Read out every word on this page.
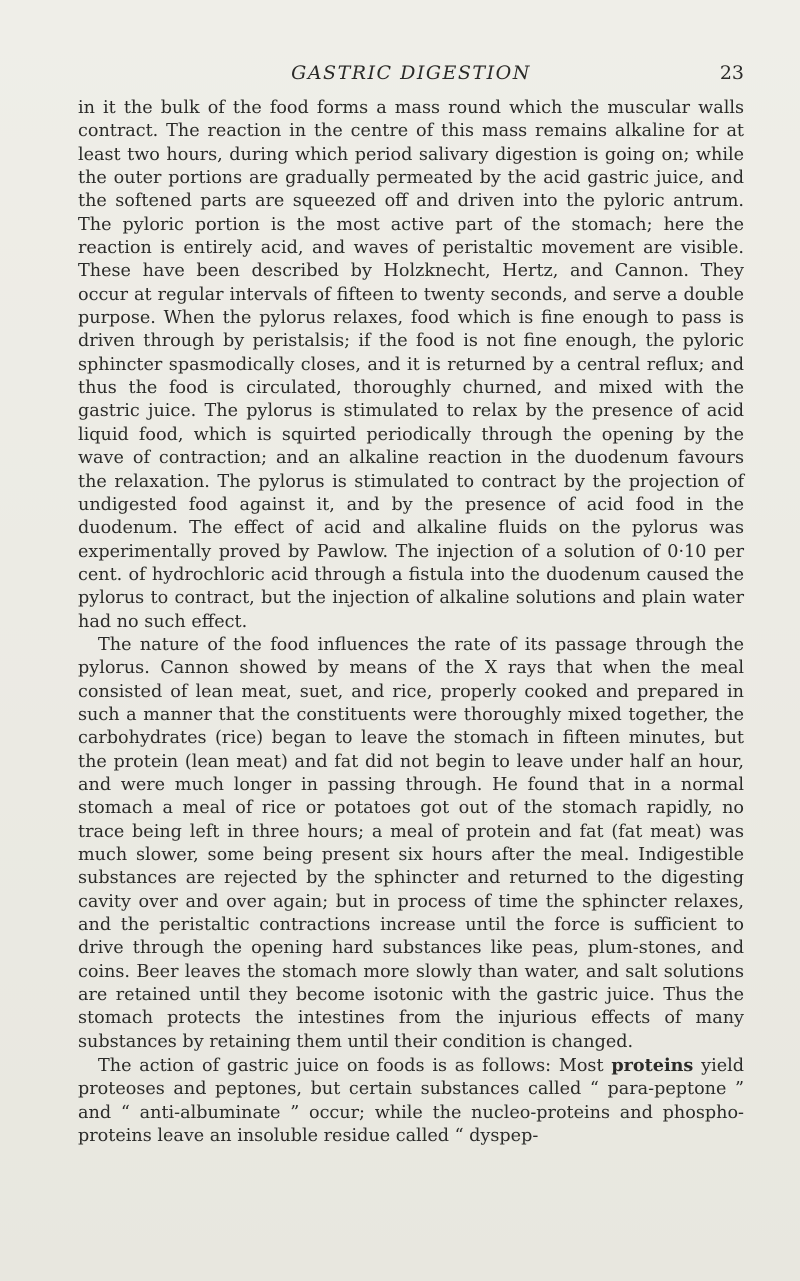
GASTRIC DIGESTION	23

in it the bulk of the food forms a mass round which the muscular walls contract. The reaction in the centre of this mass remains alkaline for at least two hours, during which period salivary digestion is going on; while the outer portions are gradually permeated by the acid gastric juice, and the softened parts are squeezed off and driven into the pyloric antrum. The pyloric portion is the most active part of the stomach; here the reaction is entirely acid, and waves of peristaltic movement are visible. These have been described by Holzknecht, Hertz, and Cannon. They occur at regular intervals of fifteen to twenty seconds, and serve a double purpose. When the pylorus relaxes, food which is fine enough to pass is driven through by peristalsis; if the food is not fine enough, the pyloric sphincter spasmodically closes, and it is returned by a central reflux; and thus the food is circulated, thoroughly churned, and mixed with the gastric juice. The pylorus is stimulated to relax by the presence of acid liquid food, which is squirted periodically through the opening by the wave of contraction; and an alkaline reaction in the duodenum favours the relaxation. The pylorus is stimulated to contract by the projection of undigested food against it, and by the presence of acid food in the duodenum. The effect of acid and alkaline fluids on the pylorus was experimentally proved by Pawlow. The injection of a solution of 0·10 per cent. of hydrochloric acid through a fistula into the duodenum caused the pylorus to contract, but the injection of alkaline solutions and plain water had no such effect.

The nature of the food influences the rate of its passage through the pylorus. Cannon showed by means of the X rays that when the meal consisted of lean meat, suet, and rice, properly cooked and prepared in such a manner that the constituents were thoroughly mixed together, the carbohydrates (rice) began to leave the stomach in fifteen minutes, but the protein (lean meat) and fat did not begin to leave under half an hour, and were much longer in passing through. He found that in a normal stomach a meal of rice or potatoes got out of the stomach rapidly, no trace being left in three hours; a meal of protein and fat (fat meat) was much slower, some being present six hours after the meal. Indigestible substances are rejected by the sphincter and returned to the digesting cavity over and over again; but in process of time the sphincter relaxes, and the peristaltic contractions increase until the force is sufficient to drive through the opening hard substances like peas, plum-stones, and coins. Beer leaves the stomach more slowly than water, and salt solutions are retained until they become isotonic with the gastric juice. Thus the stomach protects the intestines from the injurious effects of many substances by retaining them until their condition is changed.

The action of gastric juice on foods is as follows: Most proteins yield proteoses and peptones, but certain substances called “ para-peptone ” and “ anti-albuminate ” occur; while the nucleo-proteins and phospho-proteins leave an insoluble residue called “ dyspep-
